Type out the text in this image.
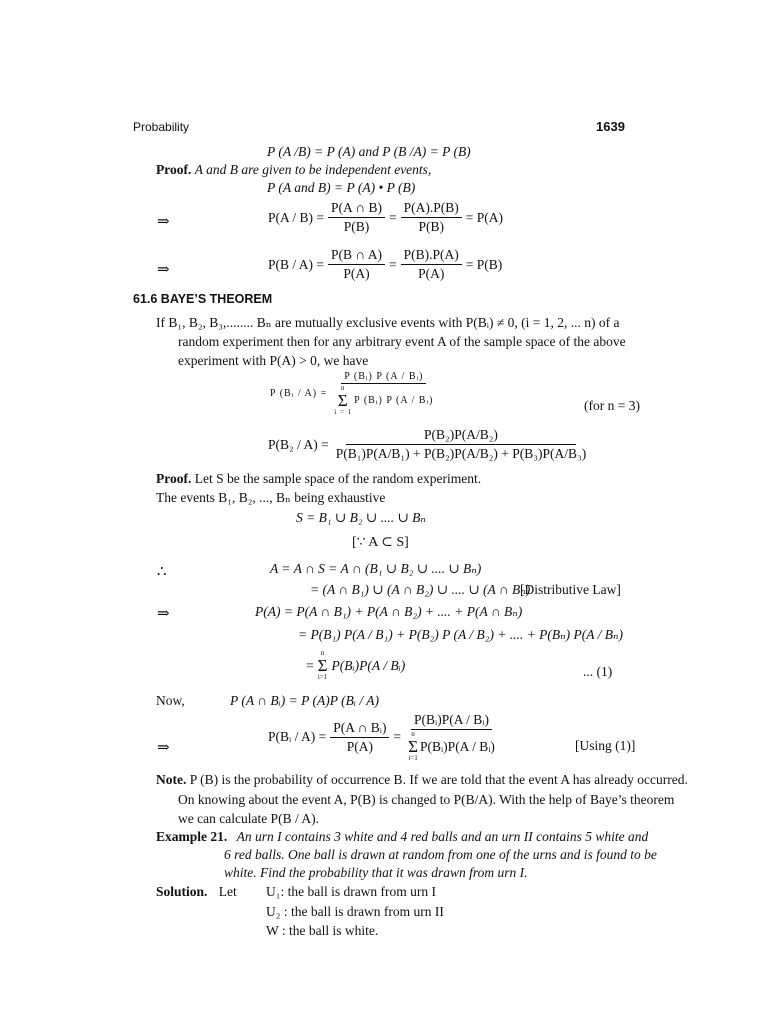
Probability	1639
P (A /B) = P (A) and P (B /A) = P (B)
Proof. A and B are given to be independent events,
P (A and B) = P (A) • P (B)
⇒	$P(A / B) = \frac{P(A \cap B)}{P(B)} = \frac{P(A).P(B)}{P(B)} = P(A)$
⇒	$P(B / A) = \frac{P(B \cap A)}{P(A)} = \frac{P(B).P(A)}{P(A)} = P(B)$
61.6 BAYE’S THEOREM
If B₁, B₂, B₃,........ Bₙ are mutually exclusive events with P(Bᵢ) ≠ 0, (i = 1, 2, ... n) of a
random experiment then for any arbitrary event A of the sample space of the above
experiment with P(A) > 0, we have
P (Bᵢ / A) = P (Bᵢ) P (A / Bᵢ)
n
Σ
i = 1
P (Bᵢ) P (A / Bᵢ)	(for n = 3)
$P(B_2 / A) = \frac{\text{P(B₂)P(A/B₂)}}{\text{P(B₁)P(A/B₁) + P(B₂)P(A/B₂) + P(B₃)P(A/B₃)}}$
Proof. Let S be the sample space of the random experiment.
The events B₁, B₂, ..., Bₙ being exhaustive
S = B₁ ∪ B₂ ∪ .... ∪ Bₙ
[∵ A ⊂ S]
∴	A = A ∩ S = A ∩ (B₁ ∪ B₂ ∪ .... ∪ Bₙ)
= (A ∩ B₁) ∪ (A ∩ B₂) ∪ .... ∪ (A ∩ Bₙ)
[Distributive Law]
⇒	P(A) = P(A ∩ B₁) + P(A ∩ B₂) + .... + P(A ∩ Bₙ)
= P(B₁) P(A / B₁) + P(B₂) P (A / B₂) + .... + P(Bₙ) P(A / Bₙ)
=
n
Σ
i=1
P(Bᵢ)P(A / Bᵢ)	... (1)
Now,	P (A ∩ Bᵢ) = P (A)P (Bᵢ / A)
⇒
P(Bᵢ / $A) = \frac{\text{P(A ∩ Bᵢ)}}{P(A)}$ = P(Bᵢ)P(A / Bᵢ)
n
Σ
i=1
P(Bᵢ)P(A / Bᵢ)	[Using (1)]
Note. P (B) is the probability of occurrence B. If we are told that the event A has already occurred.
On knowing about the event A, P(B) is changed to P(B/A). With the help of Baye’s theorem
we can calculate P(B / A).
Example 21. An urn I contains 3 white and 4 red balls and an urn II contains 5 white and
6 red balls. One ball is drawn at random from one of the urns and is found to be
white. Find the probability that it was drawn from urn I.
Solution. Let U₁: the ball is drawn from urn I
U₂ : the ball is drawn from urn II
W : the ball is white.
